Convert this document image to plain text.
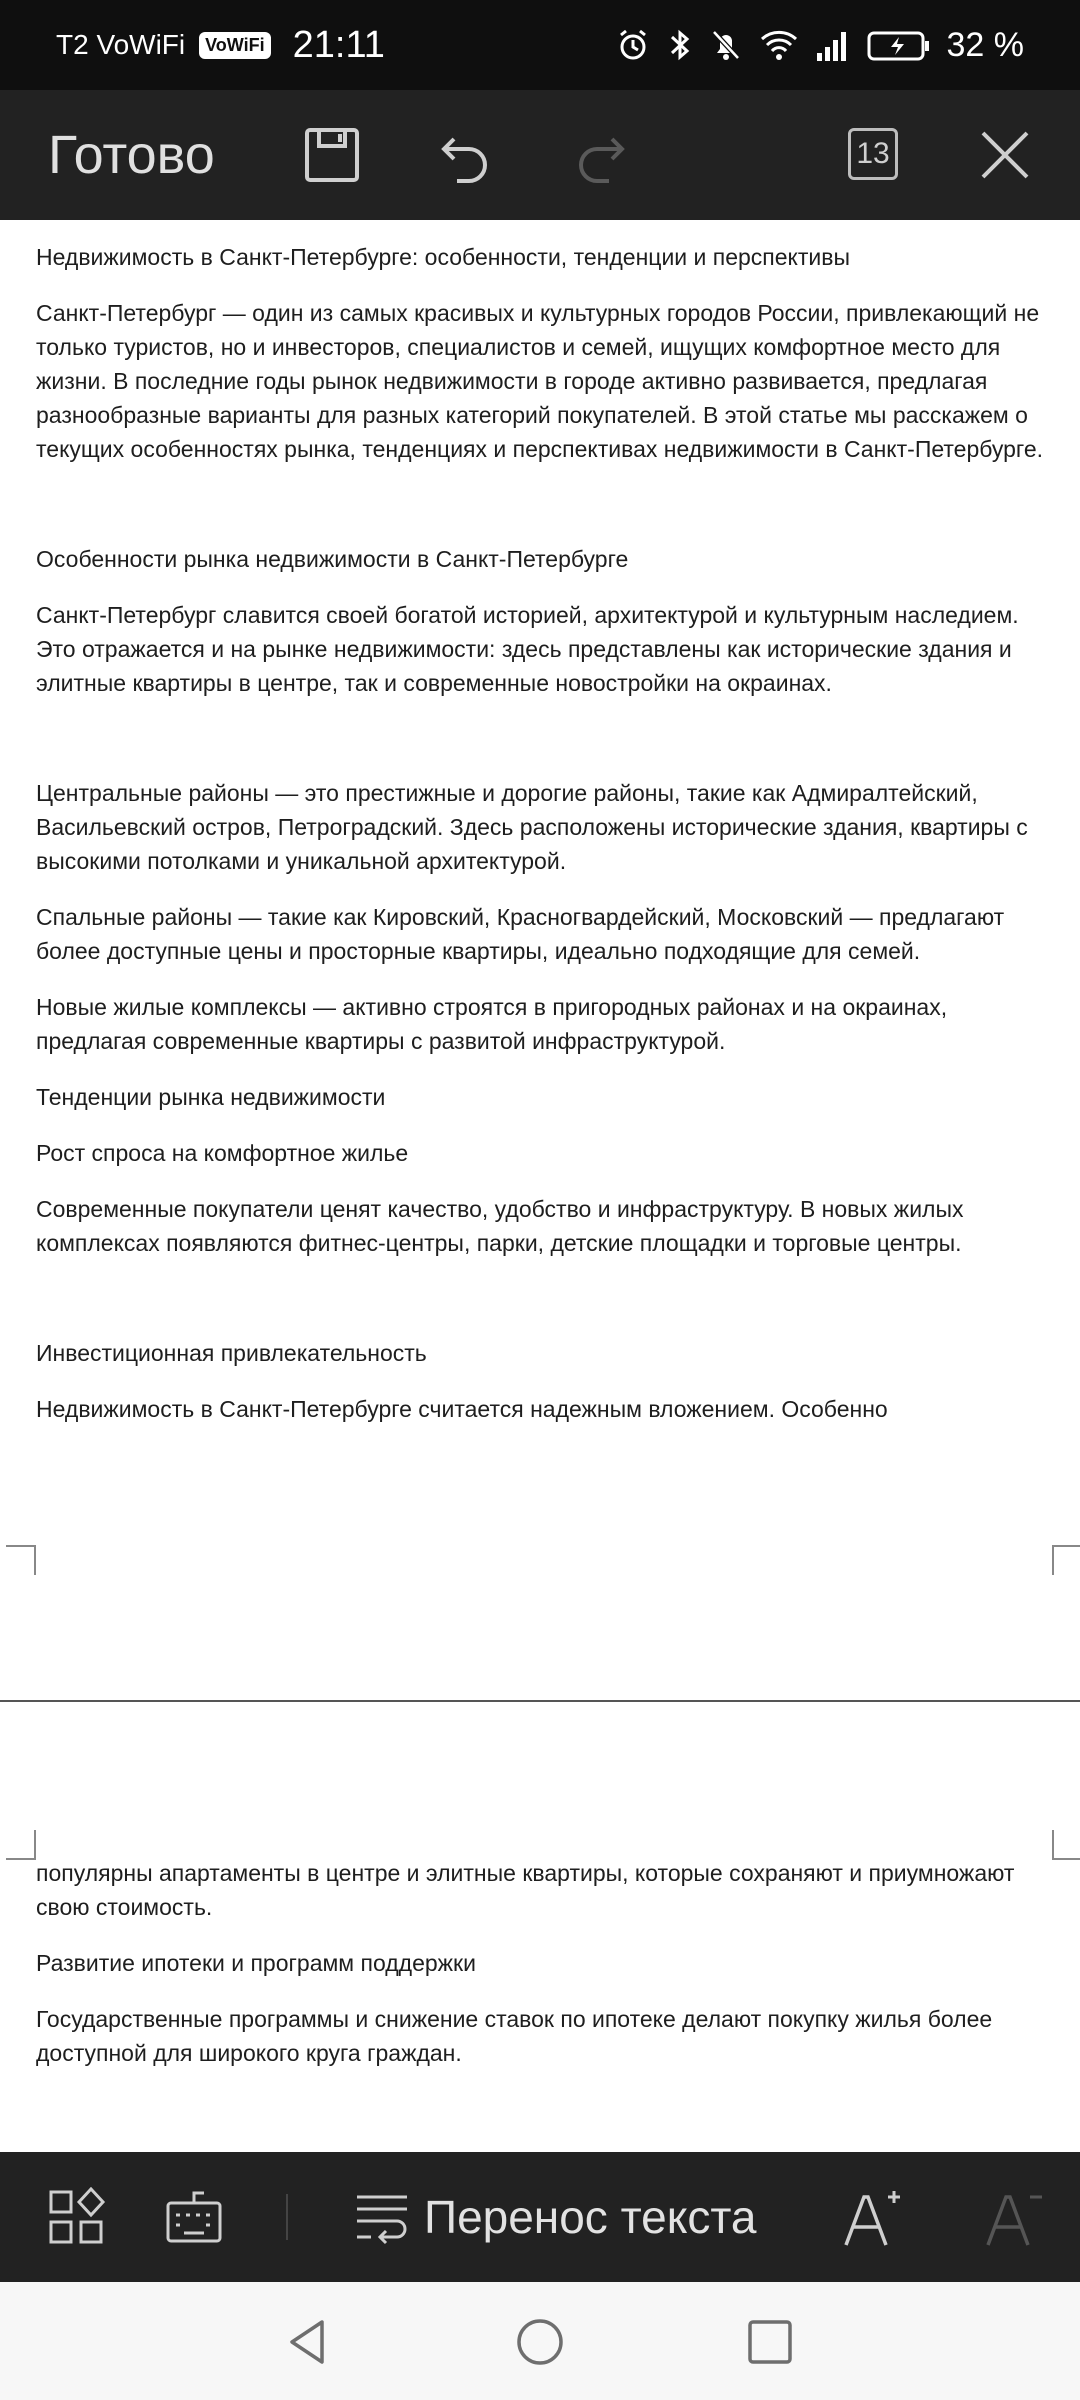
T2 VoWiFi	VoWiFi 21:11	32 %
Готово	13

Недвижимость в Санкт-Петербурге: особенности, тенденции и перспективы

Санкт-Петербург — один из самых красивых и культурных городов России, привлекающий не только туристов, но и инвесторов, специалистов и семей, ищущих комфортное место для жизни. В последние годы рынок недвижимости в городе активно развивается, предлагая разнообразные варианты для разных категорий покупателей. В этой статье мы расскажем о текущих особенностях рынка, тенденциях и перспективах недвижимости в Санкт-Петербурге.

Особенности рынка недвижимости в Санкт-Петербурге

Санкт-Петербург славится своей богатой историей, архитектурой и культурным наследием. Это отражается и на рынке недвижимости: здесь представлены как исторические здания и элитные квартиры в центре, так и современные новостройки на окраинах.

Центральные районы — это престижные и дорогие районы, такие как Адмиралтейский, Васильевский остров, Петроградский. Здесь расположены исторические здания, квартиры с высокими потолками и уникальной архитектурой.

Спальные районы — такие как Кировский, Красногвардейский, Московский — предлагают более доступные цены и просторные квартиры, идеально подходящие для семей.

Новые жилые комплексы — активно строятся в пригородных районах и на окраинах, предлагая современные квартиры с развитой инфраструктурой.

Тенденции рынка недвижимости

Рост спроса на комфортное жилье

Современные покупатели ценят качество, удобство и инфраструктуру. В новых жилых комплексах появляются фитнес-центры, парки, детские площадки и торговые центры.

Инвестиционная привлекательность

Недвижимость в Санкт-Петербурге считается надежным вложением. Особенно

популярны апартаменты в центре и элитные квартиры, которые сохраняют и приумножают свою стоимость.

Развитие ипотеки и программ поддержки

Государственные программы и снижение ставок по ипотеке делают покупку жилья более доступной для широкого круга граждан.

Перенос текста
